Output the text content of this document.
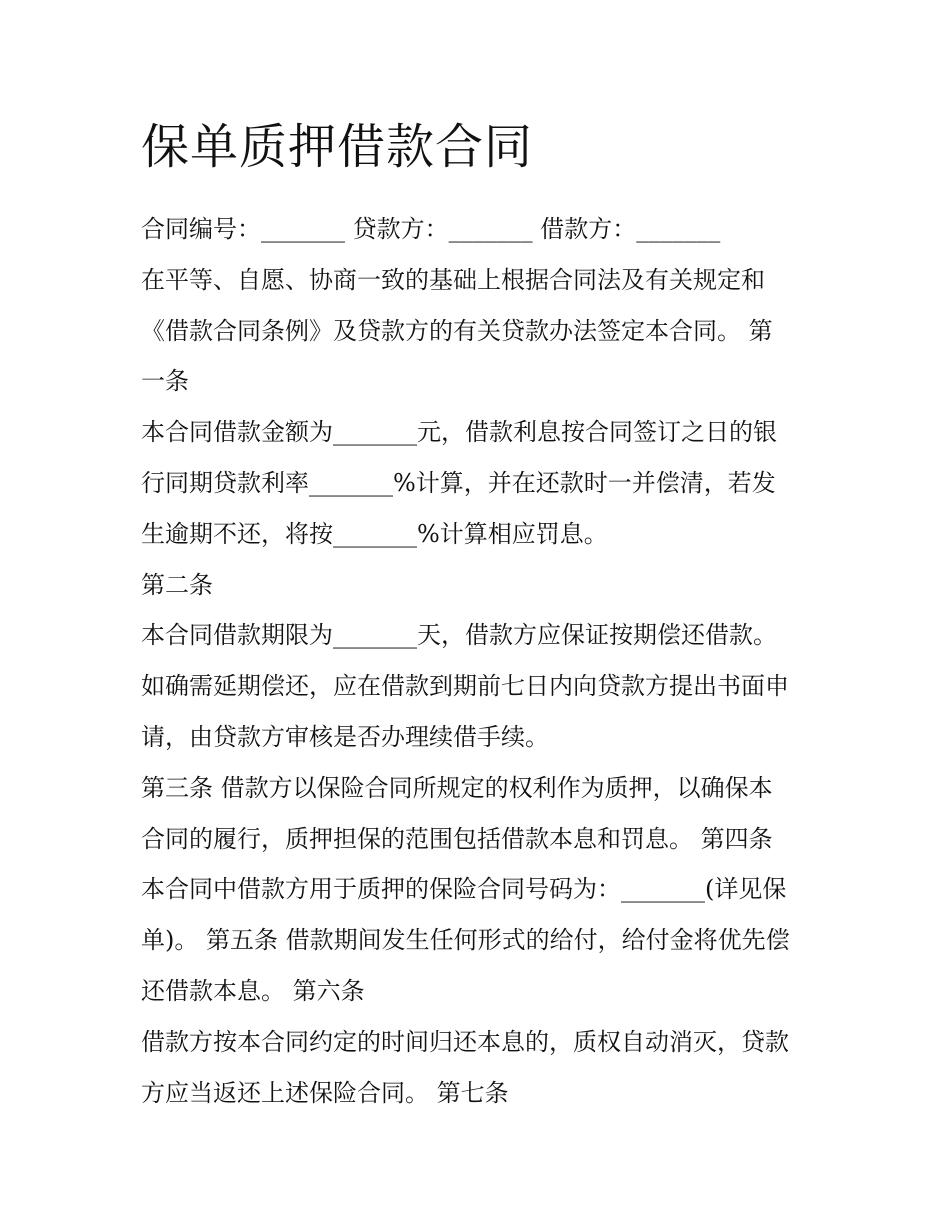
保单质押借款合同

合同编号：_______ 贷款方：_______ 借款方：_______

在平等、自愿、协商一致的基础上根据合同法及有关规定和

《借款合同条例》及贷款方的有关贷款办法签定本合同。 第

一条

本合同借款金额为_______元，借款利息按合同签订之日的银

行同期贷款利率_______%计算，并在还款时一并偿清，若发

生逾期不还，将按_______%计算相应罚息。

第二条

本合同借款期限为_______天，借款方应保证按期偿还借款。

如确需延期偿还，应在借款到期前七日内向贷款方提出书面申

请，由贷款方审核是否办理续借手续。

第三条 借款方以保险合同所规定的权利作为质押，以确保本

合同的履行，质押担保的范围包括借款本息和罚息。 第四条

本合同中借款方用于质押的保险合同号码为：_______(详见保

单)。 第五条 借款期间发生任何形式的给付，给付金将优先偿

还借款本息。 第六条

借款方按本合同约定的时间归还本息的，质权自动消灭，贷款

方应当返还上述保险合同。 第七条
